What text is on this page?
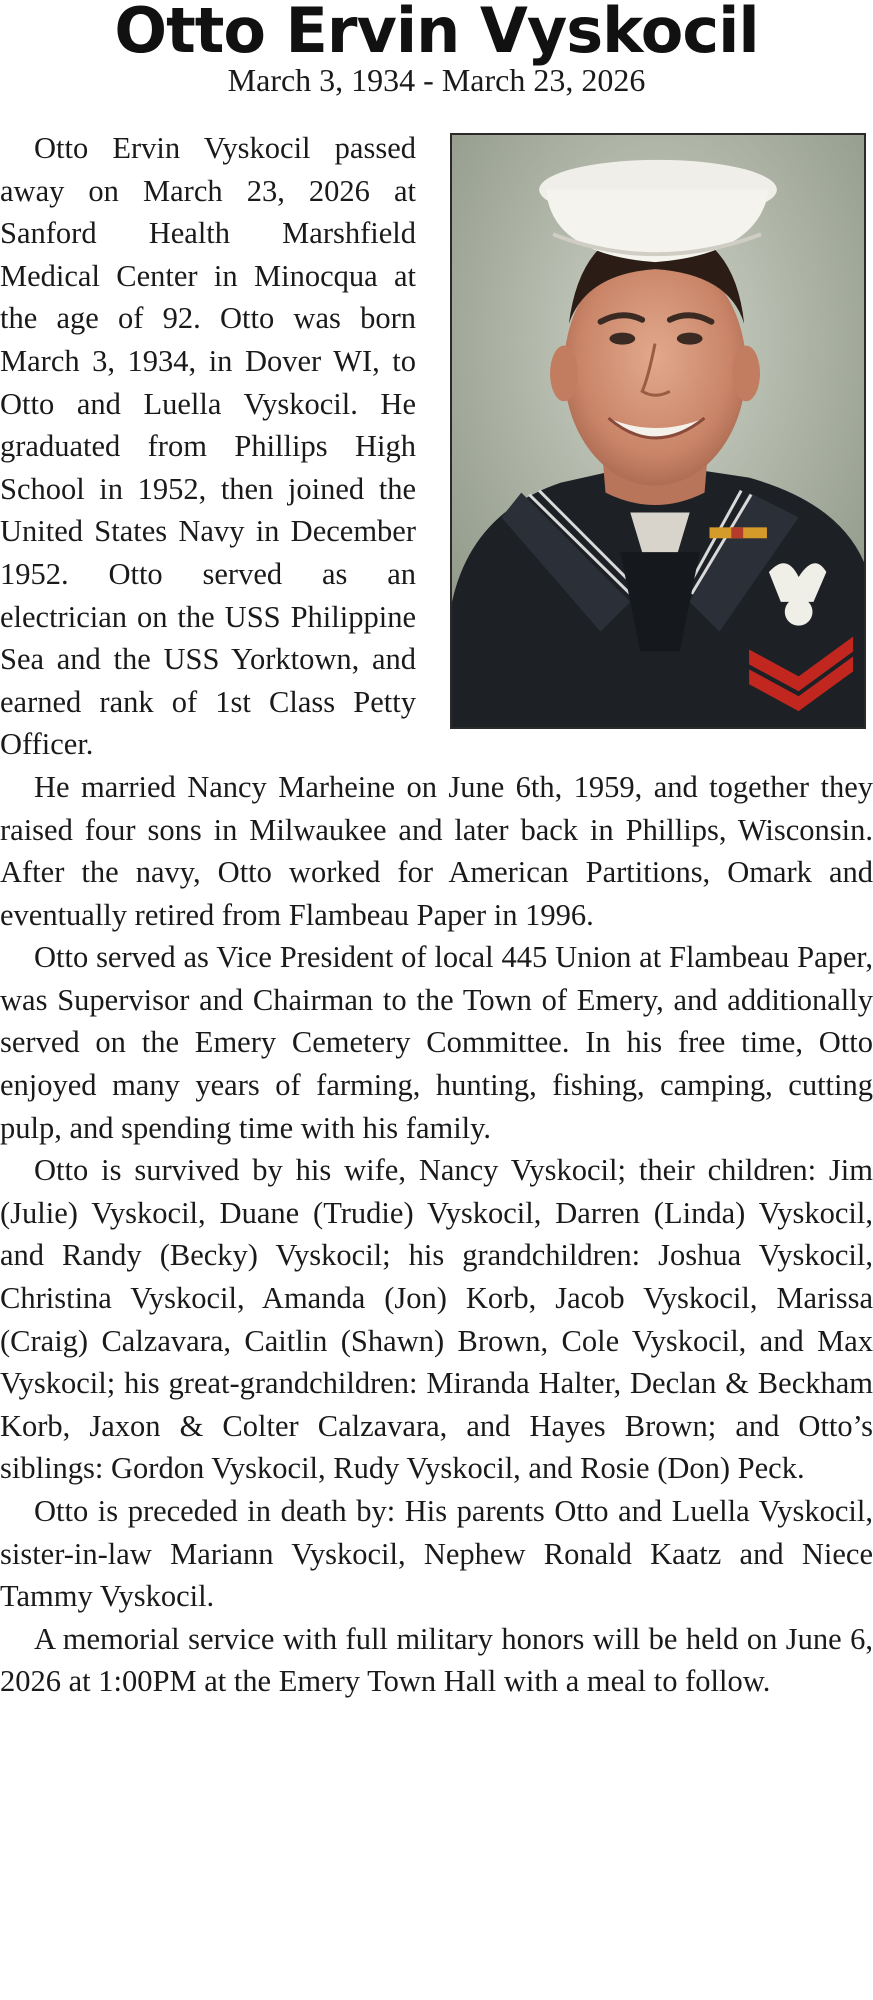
Otto Ervin Vyskocil
March 3, 1934 - March 23, 2026

Otto Ervin Vyskocil passed away on March 23, 2026 at Sanford Health Marshfield Medical Center in Minocqua at the age of 92. Otto was born March 3, 1934, in Dover WI, to Otto and Luella Vyskocil. He graduated from Phillips High School in 1952, then joined the United States Navy in December 1952. Otto served as an electrician on the USS Philippine Sea and the USS Yorktown, and earned rank of 1st Class Petty Officer.

He married Nancy Marheine on June 6th, 1959, and together they raised four sons in Milwaukee and later back in Phillips, Wisconsin. After the navy, Otto worked for American Partitions, Omark and eventually retired from Flambeau Paper in 1996.

Otto served as Vice President of local 445 Union at Flambeau Paper, was Supervisor and Chairman to the Town of Emery, and additionally served on the Emery Cemetery Committee. In his free time, Otto enjoyed many years of farming, hunting, fishing, camping, cutting pulp, and spending time with his family.

Otto is survived by his wife, Nancy Vyskocil; their children: Jim (Julie) Vyskocil, Duane (Trudie) Vyskocil, Darren (Linda) Vyskocil, and Randy (Becky) Vyskocil; his grandchildren: Joshua Vyskocil, Christina Vyskocil, Amanda (Jon) Korb, Jacob Vyskocil, Marissa (Craig) Calzavara, Caitlin (Shawn) Brown, Cole Vyskocil, and Max Vyskocil; his great-grandchildren: Miranda Halter, Declan & Beckham Korb, Jaxon & Colter Calzavara, and Hayes Brown; and Otto’s siblings: Gordon Vyskocil, Rudy Vyskocil, and Rosie (Don) Peck.

Otto is preceded in death by: His parents Otto and Luella Vyskocil, sister-in-law Mariann Vyskocil, Nephew Ronald Kaatz and Niece Tammy Vyskocil.

A memorial service with full military honors will be held on June 6, 2026 at 1:00PM at the Emery Town Hall with a meal to follow.
